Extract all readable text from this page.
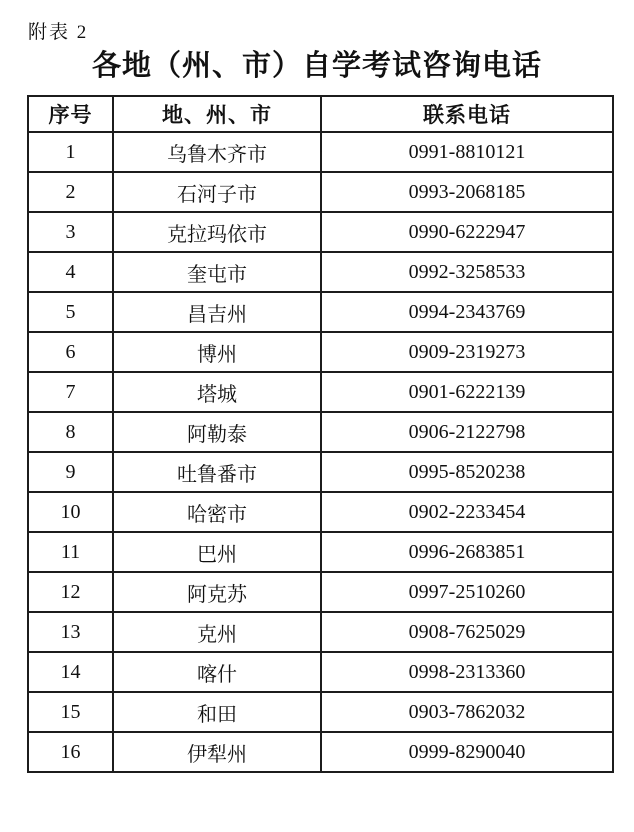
附表 2
各地（州、市）自学考试咨询电话
序号	地、州、市	联系电话
1	乌鲁木齐市	0991-8810121
2	石河子市	0993-2068185
3	克拉玛依市	0990-6222947
4	奎屯市	0992-3258533
5	昌吉州	0994-2343769
6	博州	0909-2319273
7	塔城	0901-6222139
8	阿勒泰	0906-2122798
9	吐鲁番市	0995-8520238
10	哈密市	0902-2233454
11	巴州	0996-2683851
12	阿克苏	0997-2510260
13	克州	0908-7625029
14	喀什	0998-2313360
15	和田	0903-7862032
16	伊犁州	0999-8290040
